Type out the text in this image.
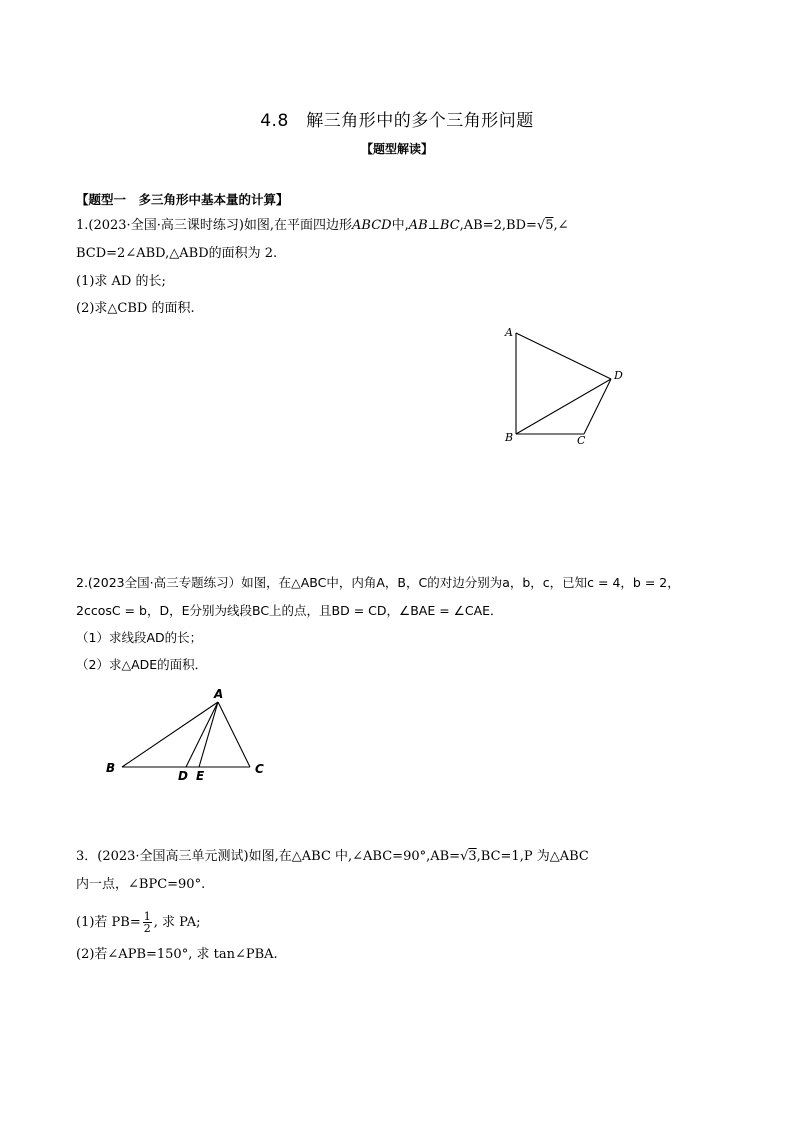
4.8　解三角形中的多个三角形问题
【题型解读】
【题型一　多三角形中基本量的计算】
1.(2023·全国·高三课时练习)如图,在平面四边形ABCD中,AB⊥BC,AB=2,BD=√5,∠
BCD=2∠ABD,△ABD的面积为 2.
(1)求 AD 的长;
(2)求△CBD 的面积.
A
B	C
D
2.(2023全国·高三专题练习）如图，在△ABC中，内角A，B，C的对边分别为a，b，c，已知c = 4，b = 2，
2ccosC = b，D，E分别为线段BC上的点，且BD = CD，∠BAE = ∠CAE．
（1）求线段AD的长；
（2）求△ADE的面积．
A
B	C
D E
3．(2023·全国高三单元测试)如图,在△ABC 中,∠ABC=90°,AB=√3,BC=1,P 为△ABC
内一点，∠BPC=90°.
(1)若 $PB= \frac{1}{2}$ , 求 PA;
(2)若∠APB=150°, 求 tan∠PBA.
